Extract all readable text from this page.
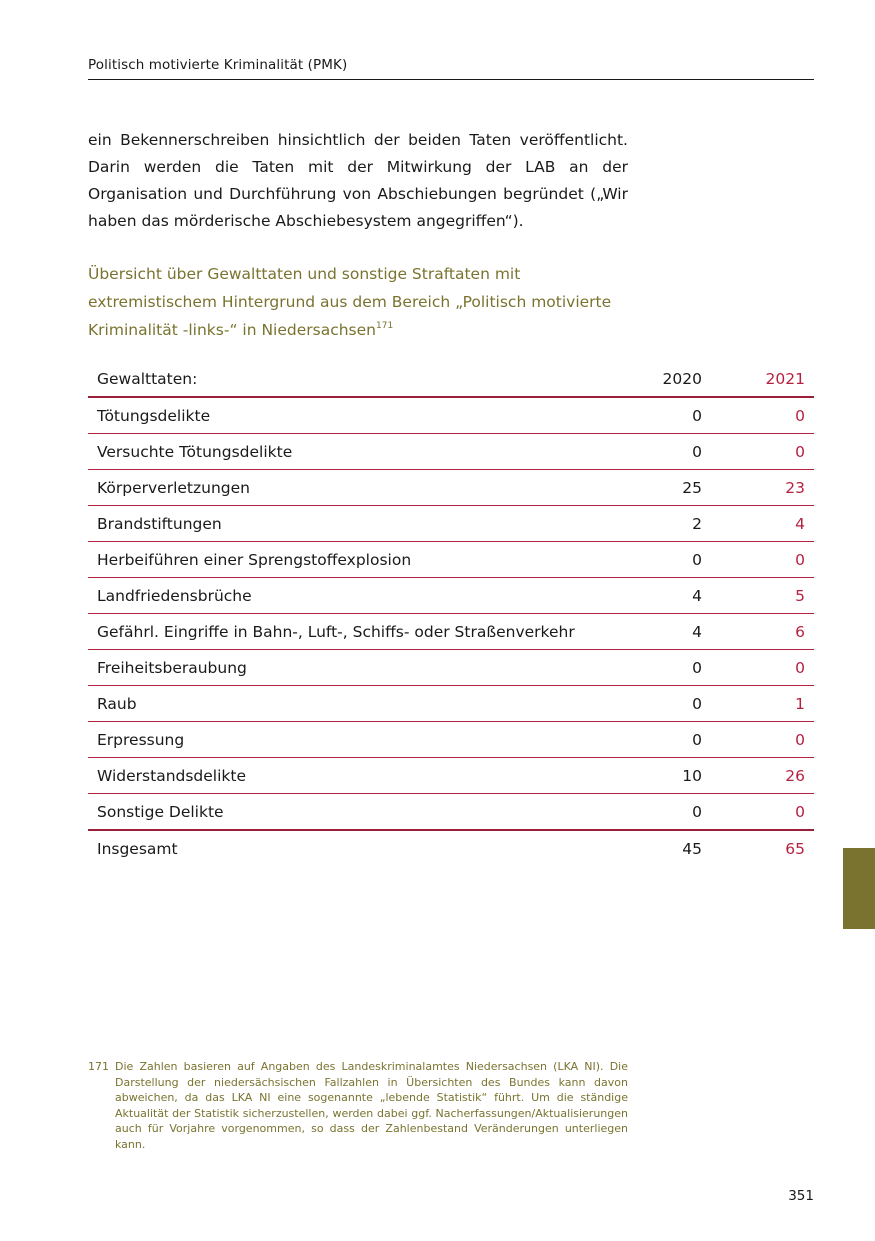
Politisch motivierte Kriminalität (PMK)

ein Bekennerschreiben hinsichtlich der beiden Taten veröffentlicht. Darin werden die Taten mit der Mitwirkung der LAB an der Organisation und Durchführung von Abschiebungen begründet („Wir haben das mörderische Abschiebesystem angegriffen“).

Übersicht über Gewalttaten und sonstige Straftaten mit extremistischem Hintergrund aus dem Bereich „Politisch motivierte Kriminalität -links-“ in Niedersachsen$^{171}$
Gewalttaten:	2020	2021
Tötungsdelikte	0	0
Versuchte Tötungsdelikte	0	0
Körperverletzungen	25	23
Brandstiftungen	2	4
Herbeiführen einer Sprengstoffexplosion	0	0
Landfriedensbrüche	4	5
Gefährl. Eingriffe in Bahn-, Luft-, Schiffs- oder Straßenverkehr	4	6
Freiheitsberaubung	0	0
Raub	0	1
Erpressung	0	0
Widerstandsdelikte	10	26
Sonstige Delikte	0	0
Insgesamt	45	65
171 Die Zahlen basieren auf Angaben des Landeskriminalamtes Niedersachsen (LKA NI). Die Darstellung der niedersächsischen Fallzahlen in Übersichten des Bundes kann davon abweichen, da das LKA NI eine sogenannte „lebende Statistik“ führt. Um die ständige Aktualität der Statistik sicherzustellen, werden dabei ggf. Nacherfassungen/Aktualisierungen auch für Vorjahre vorgenommen, so dass der Zahlenbestand Veränderungen unterliegen kann.
351
